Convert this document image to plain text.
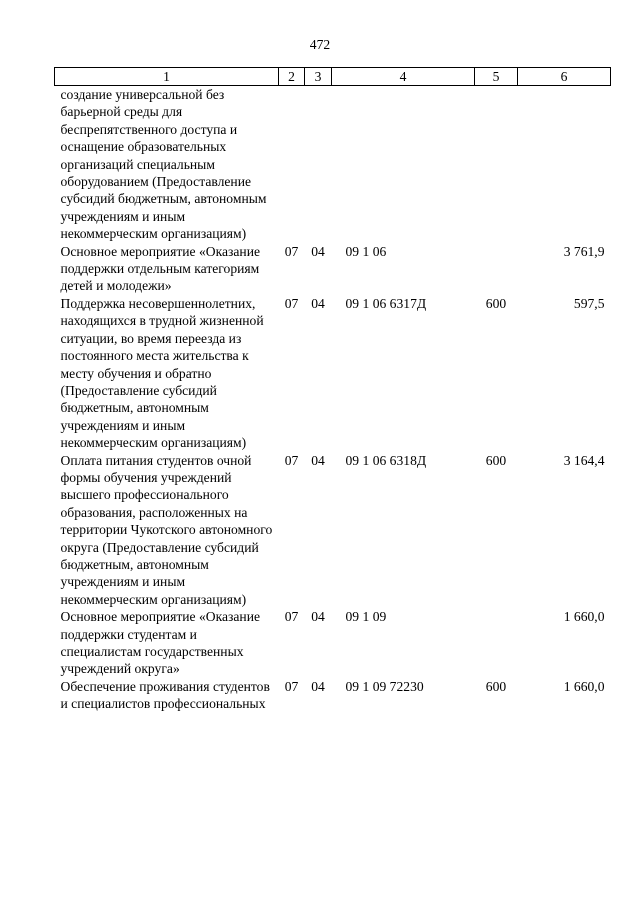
472
1	2	3	4	5	6
создание универсальной без барьерной среды для беспрепятственного доступа и оснащение образовательных организаций специальным оборудованием (Предоставление субсидий бюджетным, автономным учреждениям и иным некоммерческим организациям)					
Основное мероприятие «Оказание поддержки отдельным категориям детей и молодежи»	07	04	09 1 06		3 761,9
Поддержка несовершеннолетних, находящихся в трудной жизненной ситуации, во время переезда из постоянного места жительства к месту обучения и обратно (Предоставление субсидий бюджетным, автономным учреждениям и иным некоммерческим организациям)	07	04	09 1 06 6317Д	600	597,5
Оплата питания студентов очной формы обучения учреждений высшего профессионального образования, расположенных на территории Чукотского автономного округа (Предоставление субсидий бюджетным, автономным учреждениям и иным некоммерческим организациям)	07	04	09 1 06 6318Д	600	3 164,4
Основное мероприятие «Оказание поддержки студентам и специалистам государственных учреждений округа»	07	04	09 1 09		1 660,0
Обеспечение проживания студентов и специалистов профессиональных	07	04	09 1 09 72230	600	1 660,0
